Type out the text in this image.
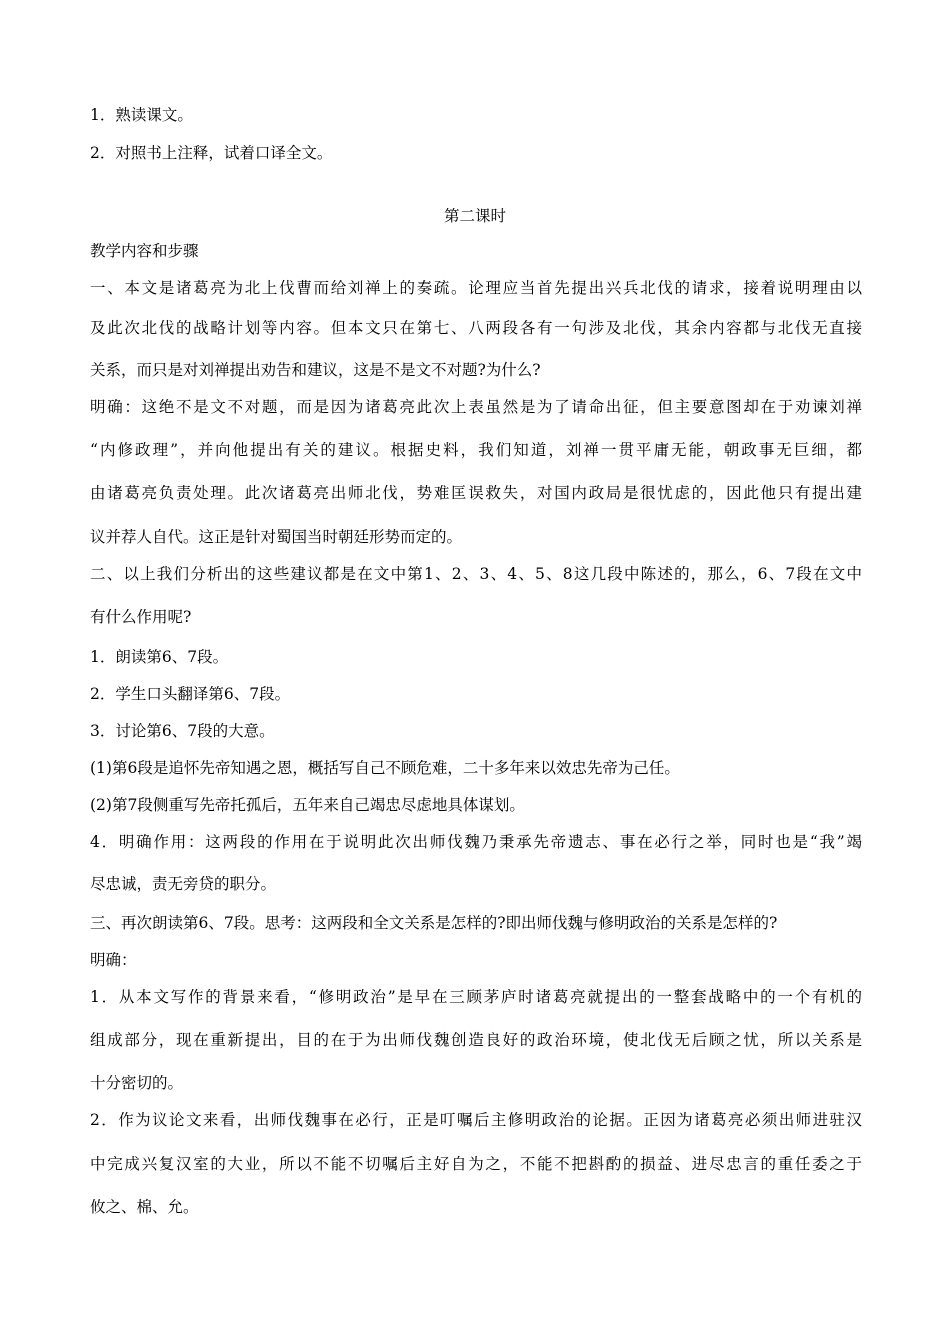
1．熟读课文。
2．对照书上注释，试着口译全文。
第二课时
教学内容和步骤
一、本文是诸葛亮为北上伐曹而给刘禅上的奏疏。论理应当首先提出兴兵北伐的请求，接着说明理由以
及此次北伐的战略计划等内容。但本文只在第七、八两段各有一句涉及北伐，其余内容都与北伐无直接
关系，而只是对刘禅提出劝告和建议，这是不是文不对题?为什么?
明确：这绝不是文不对题，而是因为诸葛亮此次上表虽然是为了请命出征，但主要意图却在于劝谏刘禅
“内修政理”，并向他提出有关的建议。根据史料，我们知道，刘禅一贯平庸无能，朝政事无巨细，都
由诸葛亮负责处理。此次诸葛亮出师北伐，势难匡误救失，对国内政局是很忧虑的，因此他只有提出建
议并荐人自代。这正是针对蜀国当时朝廷形势而定的。
二、以上我们分析出的这些建议都是在文中第1、2、3、4、5、8这几段中陈述的，那么，6、7段在文中
有什么作用呢?
1．朗读第6、7段。
2．学生口头翻译第6、7段。
3．讨论第6、7段的大意。
(1)第6段是追怀先帝知遇之恩，概括写自己不顾危难，二十多年来以效忠先帝为己任。
(2)第7段侧重写先帝托孤后，五年来自己竭忠尽虑地具体谋划。
4．明确作用：这两段的作用在于说明此次出师伐魏乃秉承先帝遗志、事在必行之举，同时也是“我”竭
尽忠诚，责无旁贷的职分。
三、再次朗读第6、7段。思考：这两段和全文关系是怎样的?即出师伐魏与修明政治的关系是怎样的?
明确：
1．从本文写作的背景来看，“修明政治”是早在三顾茅庐时诸葛亮就提出的一整套战略中的一个有机的
组成部分，现在重新提出，目的在于为出师伐魏创造良好的政治环境，使北伐无后顾之忧，所以关系是
十分密切的。
2．作为议论文来看，出师伐魏事在必行，正是叮嘱后主修明政治的论据。正因为诸葛亮必须出师进驻汉
中完成兴复汉室的大业，所以不能不切嘱后主好自为之，不能不把斟酌的损益、进尽忠言的重任委之于
攸之、棉、允。
